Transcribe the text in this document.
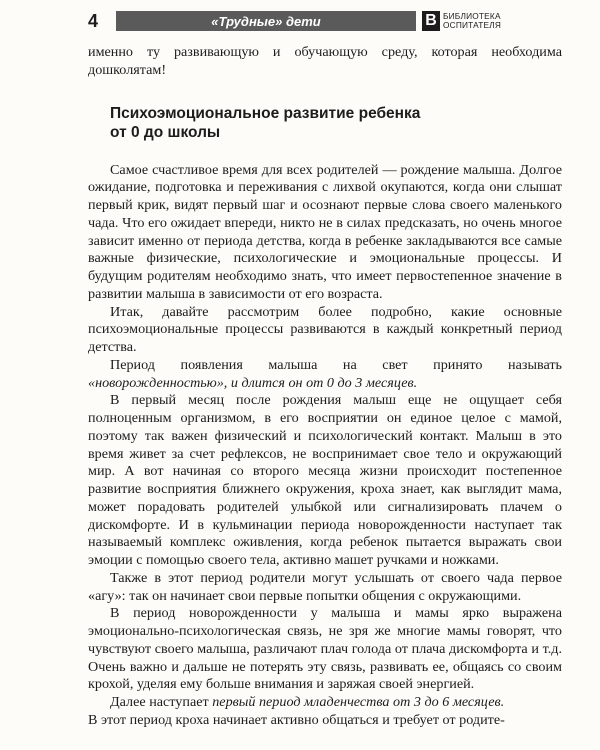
4	«Трудные» дети	B БИБЛИОТЕКА
ОСПИТАТЕЛЯ

именно ту развивающую и обучающую среду, которая необходима дошколятам!

Психоэмоциональное развитие ребенка
от 0 до школы

Самое счастливое время для всех родителей — рождение малыша. Долгое ожидание, подготовка и переживания с лихвой окупаются, когда они слышат первый крик, видят первый шаг и осознают первые слова своего маленького чада. Что его ожидает впереди, никто не в силах предсказать, но очень многое зависит именно от периода детства, когда в ребенке закладываются все самые важные физические, психологические и эмоциональные процессы. И будущим родителям необходимо знать, что имеет первостепенное значение в развитии малыша в зависимости от его возраста.

Итак, давайте рассмотрим более подробно, какие основные психоэмоциональные процессы развиваются в каждый конкретный период детства.

Период появления малыша на свет принято называть «новорожденностью», и длится он от 0 до 3 месяцев.

В первый месяц после рождения малыш еще не ощущает себя полноценным организмом, в его восприятии он единое целое с мамой, поэтому так важен физический и психологический контакт. Малыш в это время живет за счет рефлексов, не воспринимает свое тело и окружающий мир. А вот начиная со второго месяца жизни происходит постепенное развитие восприятия ближнего окружения, кроха знает, как выглядит мама, может порадовать родителей улыбкой или сигнализировать плачем о дискомфорте. И в кульминации периода новорожденности наступает так называемый комплекс оживления, когда ребенок пытается выражать свои эмоции с помощью своего тела, активно машет ручками и ножками.

Также в этот период родители могут услышать от своего чада первое «агу»: так он начинает свои первые попытки общения с окружающими.

В период новорожденности у малыша и мамы ярко выражена эмоционально-психологическая связь, не зря же многие мамы говорят, что чувствуют своего малыша, различают плач голода от плача дискомфорта и т.д. Очень важно и дальше не потерять эту связь, развивать ее, общаясь со своим крохой, уделяя ему больше внимания и заряжая своей энергией.

Далее наступает первый период младенчества от 3 до 6 месяцев.

В этот период кроха начинает активно общаться и требует от родите-
